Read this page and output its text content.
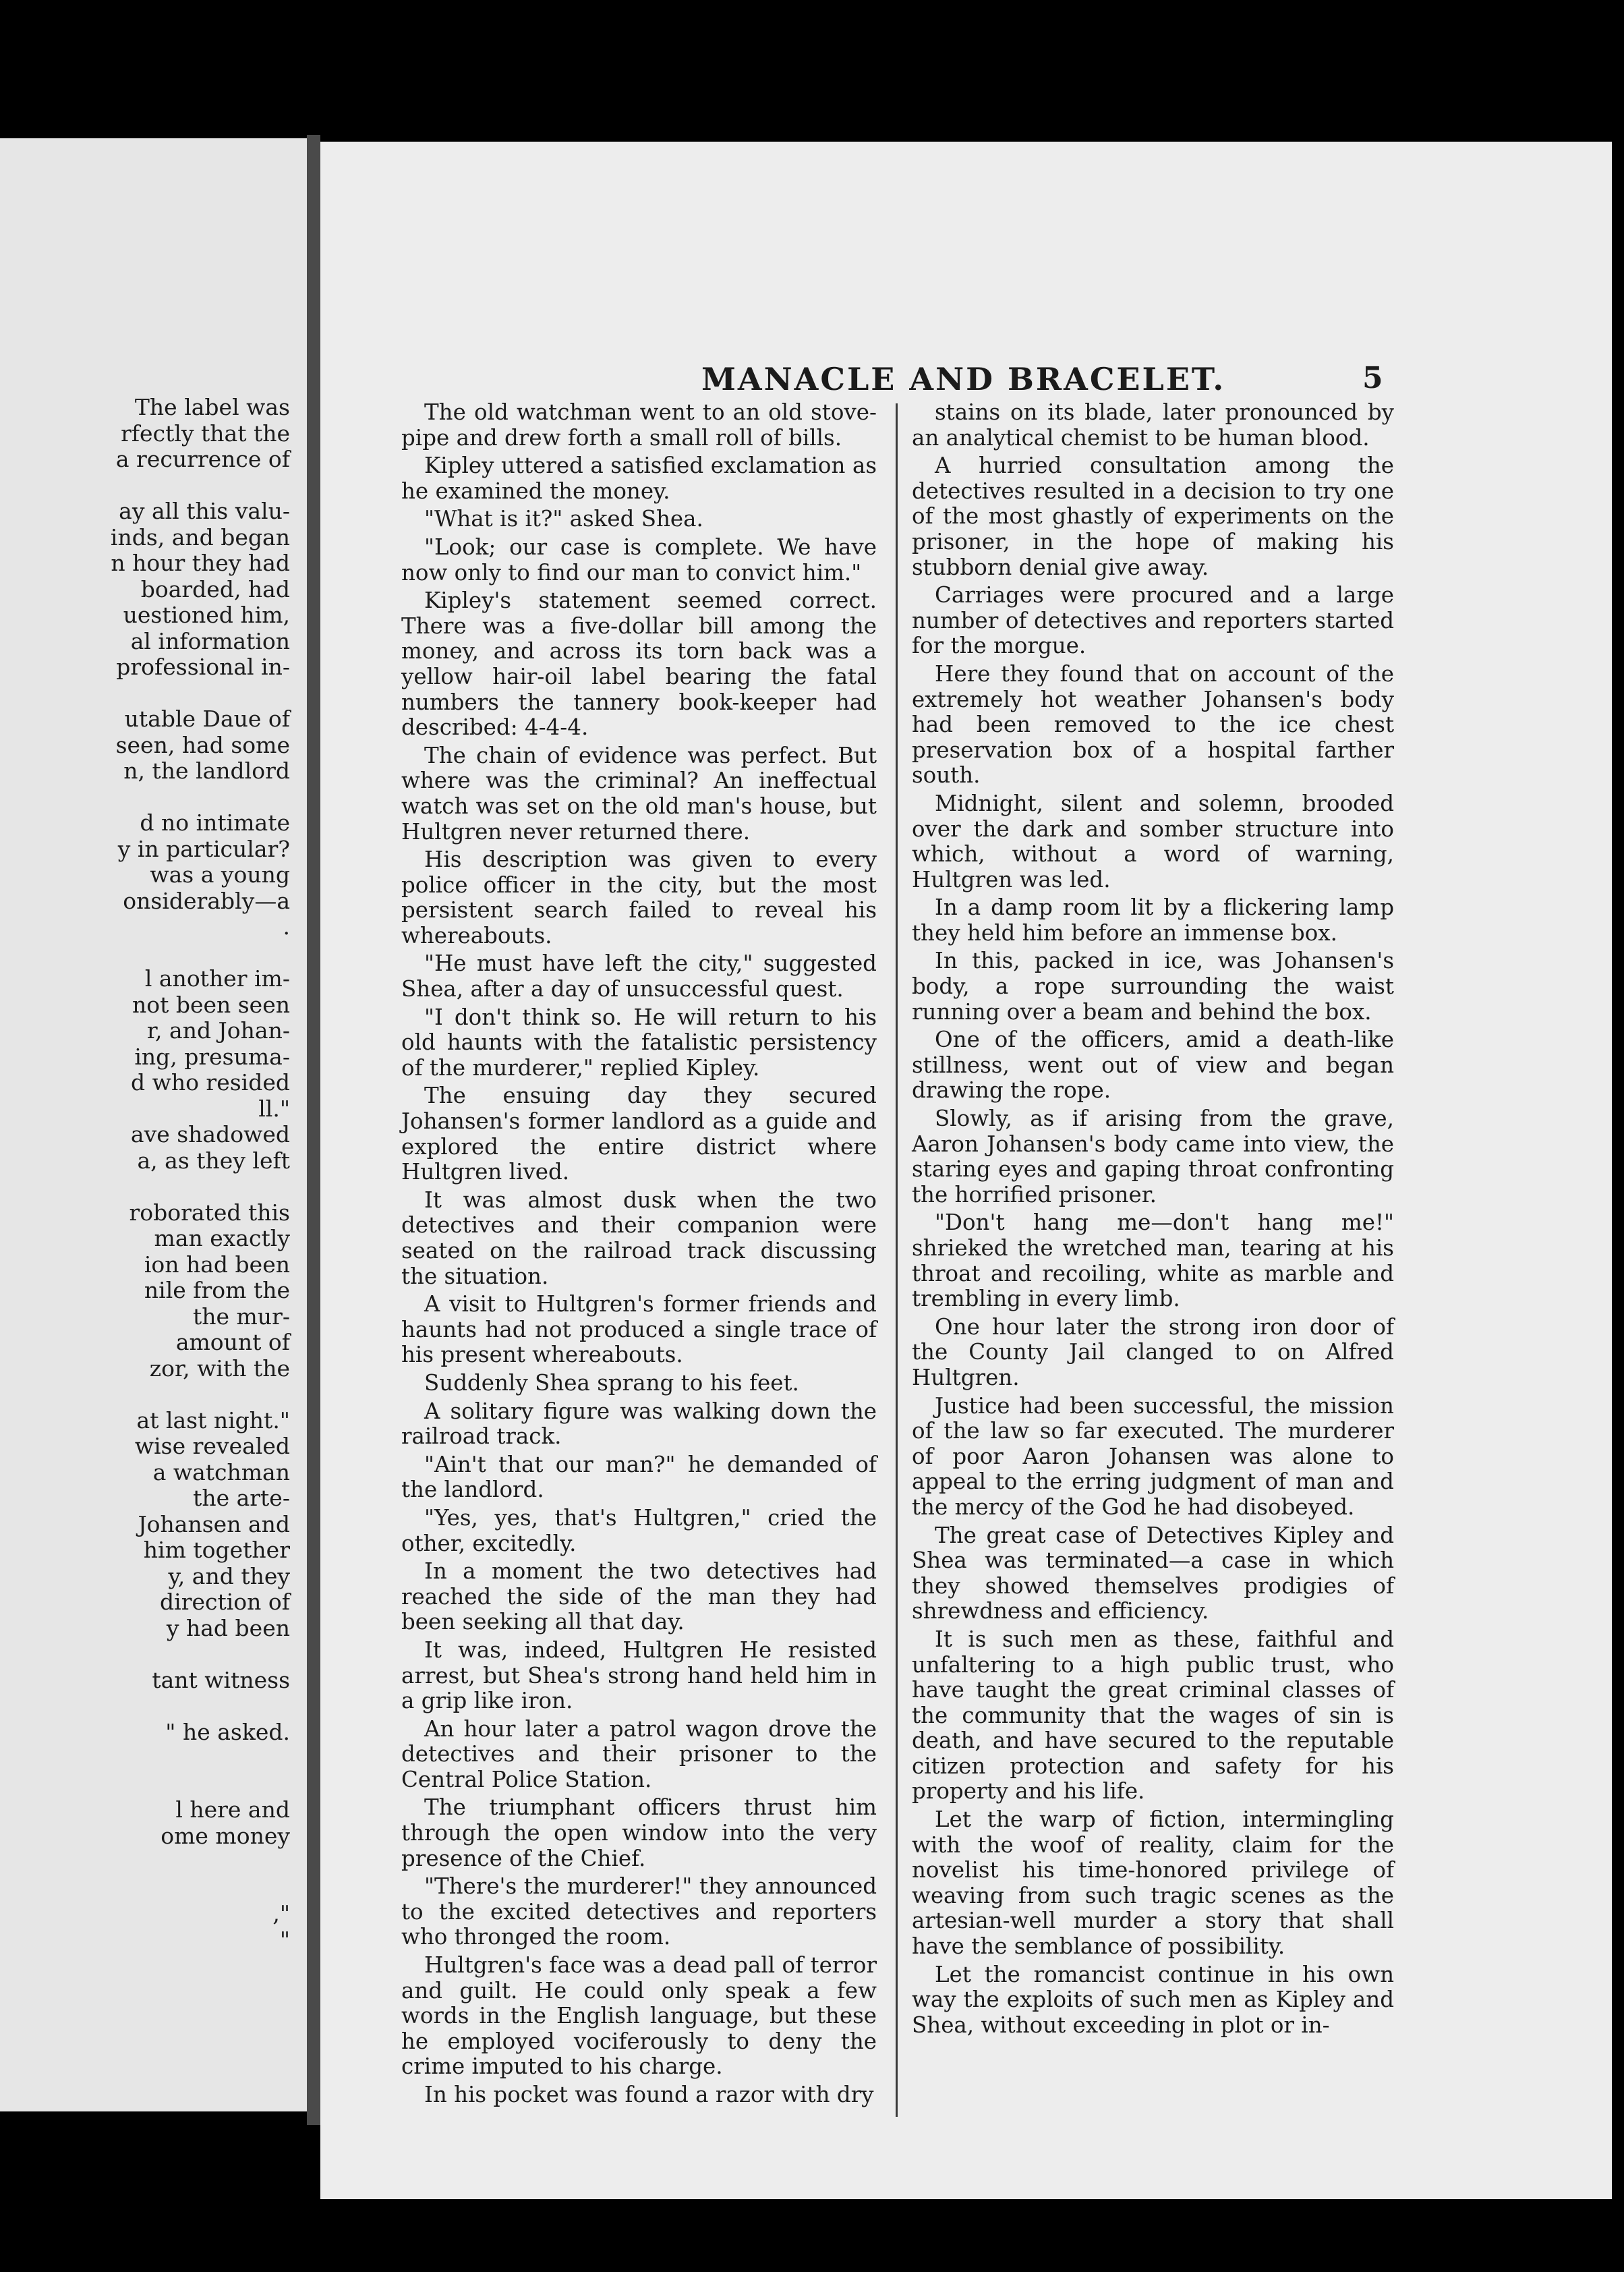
The label was
rfectly that the
a recurrence of

ay all this valu-
inds, and began
n hour they had
boarded, had
uestioned him,
al information
professional in-

utable Daue of
seen, had some
n, the landlord

d no intimate
y in particular?
was a young
onsiderably—a
.

l another im-
not been seen
r, and Johan-
ing, presuma-
d who resided
ll."
ave shadowed
a, as they left

roborated this
man exactly
ion had been
nile from the
the mur-
amount of
zor, with the

at last night."
wise revealed
a watchman
the arte-
Johansen and
him together
y, and they
direction of
y had been

tant witness

" he asked.

l here and
ome money

,"
"
MANACLE AND BRACELET.	5

The old watchman went to an old stove-pipe and drew forth a small roll of bills.

Kipley uttered a satisfied exclamation as he examined the money.

"What is it?" asked Shea.

"Look; our case is complete. We have now only to find our man to convict him."

Kipley's statement seemed correct. There was a five-dollar bill among the money, and across its torn back was a yellow hair-oil label bearing the fatal numbers the tannery book-keeper had described: 4-4-4.

The chain of evidence was perfect. But where was the criminal? An ineffectual watch was set on the old man's house, but Hultgren never returned there.

His description was given to every police officer in the city, but the most persistent search failed to reveal his whereabouts.

"He must have left the city," suggested Shea, after a day of unsuccessful quest.

"I don't think so. He will return to his old haunts with the fatalistic persistency of the murderer," replied Kipley.

The ensuing day they secured Johansen's former landlord as a guide and explored the entire district where Hultgren lived.

It was almost dusk when the two detectives and their companion were seated on the railroad track discussing the situation.

A visit to Hultgren's former friends and haunts had not produced a single trace of his present whereabouts.

Suddenly Shea sprang to his feet.

A solitary figure was walking down the railroad track.

"Ain't that our man?" he demanded of the landlord.

"Yes, yes, that's Hultgren," cried the other, excitedly.

In a moment the two detectives had reached the side of the man they had been seeking all that day.

It was, indeed, Hultgren He resisted arrest, but Shea's strong hand held him in a grip like iron.

An hour later a patrol wagon drove the detectives and their prisoner to the Central Police Station.

The triumphant officers thrust him through the open window into the very presence of the Chief.

"There's the murderer!" they announced to the excited detectives and reporters who thronged the room.

Hultgren's face was a dead pall of terror and guilt. He could only speak a few words in the English language, but these he employed vociferously to deny the crime imputed to his charge.

In his pocket was found a razor with dry

stains on its blade, later pronounced by an analytical chemist to be human blood.

A hurried consultation among the detectives resulted in a decision to try one of the most ghastly of experiments on the prisoner, in the hope of making his stubborn denial give away.

Carriages were procured and a large number of detectives and reporters started for the morgue.

Here they found that on account of the extremely hot weather Johansen's body had been removed to the ice chest preservation box of a hospital farther south.

Midnight, silent and solemn, brooded over the dark and somber structure into which, without a word of warning, Hultgren was led.

In a damp room lit by a flickering lamp they held him before an immense box.

In this, packed in ice, was Johansen's body, a rope surrounding the waist running over a beam and behind the box.

One of the officers, amid a death-like stillness, went out of view and began drawing the rope.

Slowly, as if arising from the grave, Aaron Johansen's body came into view, the staring eyes and gaping throat confronting the horrified prisoner.

"Don't hang me—don't hang me!" shrieked the wretched man, tearing at his throat and recoiling, white as marble and trembling in every limb.

One hour later the strong iron door of the County Jail clanged to on Alfred Hultgren.

Justice had been successful, the mission of the law so far executed. The murderer of poor Aaron Johansen was alone to appeal to the erring judgment of man and the mercy of the God he had disobeyed.

The great case of Detectives Kipley and Shea was terminated—a case in which they showed themselves prodigies of shrewdness and efficiency.

It is such men as these, faithful and unfaltering to a high public trust, who have taught the great criminal classes of the community that the wages of sin is death, and have secured to the reputable citizen protection and safety for his property and his life.

Let the warp of fiction, intermingling with the woof of reality, claim for the novelist his time-honored privilege of weaving from such tragic scenes as the artesian-well murder a story that shall have the semblance of possibility.

Let the romancist continue in his own way the exploits of such men as Kipley and Shea, without exceeding in plot or in-
